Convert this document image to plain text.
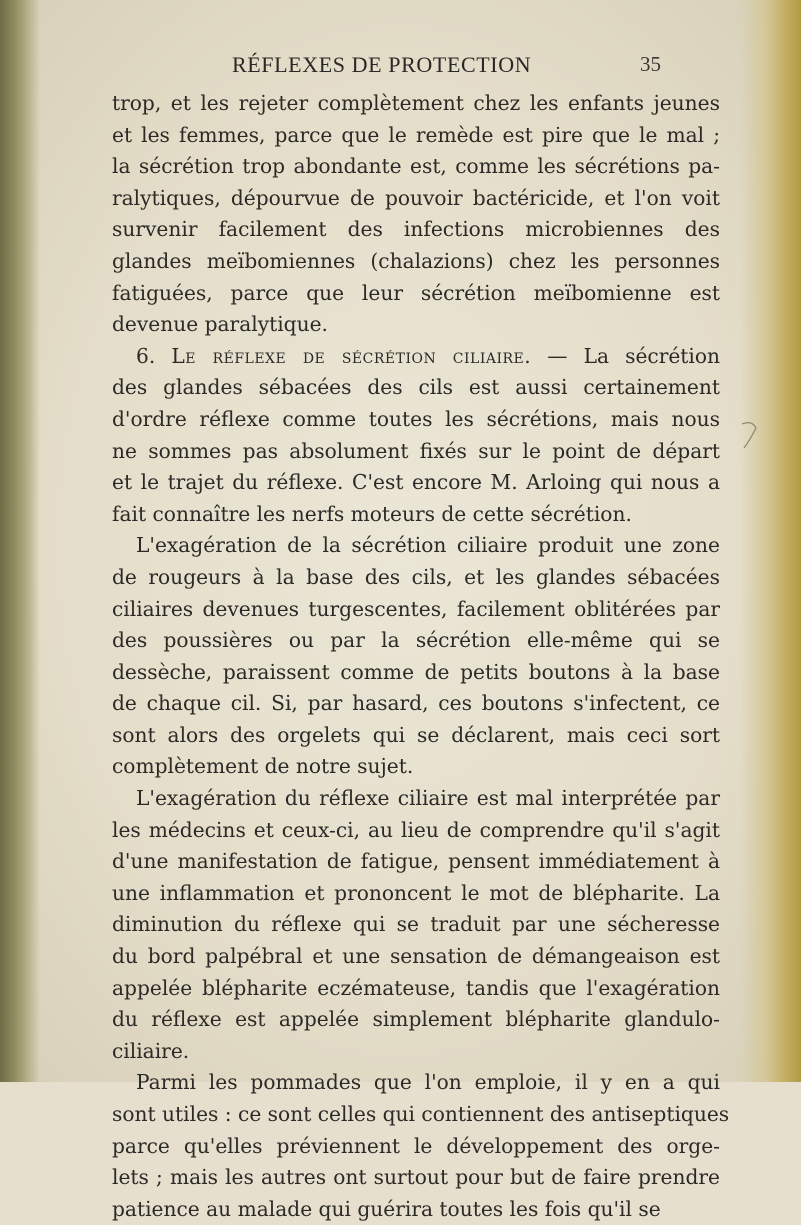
RÉFLEXES DE PROTECTION	35
trop, et les rejeter complètement chez les enfants jeunes
et les femmes, parce que le remède est pire que le mal ;
la sécrétion trop abondante est, comme les sécrétions pa-
ralytiques, dépourvue de pouvoir bactéricide, et l'on voit
survenir facilement des infections microbiennes des
glandes meïbomiennes (chalazions) chez les personnes
fatiguées, parce que leur sécrétion meïbomienne est
devenue paralytique.
6. Le réflexe de sécrétion ciliaire. — La sécrétion
des glandes sébacées des cils est aussi certainement
d'ordre réflexe comme toutes les sécrétions, mais nous
ne sommes pas absolument fixés sur le point de départ
et le trajet du réflexe. C'est encore M. Arloing qui nous a
fait connaître les nerfs moteurs de cette sécrétion.
L'exagération de la sécrétion ciliaire produit une zone
de rougeurs à la base des cils, et les glandes sébacées
ciliaires devenues turgescentes, facilement oblitérées par
des poussières ou par la sécrétion elle-même qui se
dessèche, paraissent comme de petits boutons à la base
de chaque cil. Si, par hasard, ces boutons s'infectent, ce
sont alors des orgelets qui se déclarent, mais ceci sort
complètement de notre sujet.
L'exagération du réflexe ciliaire est mal interprétée par
les médecins et ceux-ci, au lieu de comprendre qu'il s'agit
d'une manifestation de fatigue, pensent immédiatement à
une inflammation et prononcent le mot de blépharite. La
diminution du réflexe qui se traduit par une sécheresse
du bord palpébral et une sensation de démangeaison est
appelée blépharite eczémateuse, tandis que l'exagération
du réflexe est appelée simplement blépharite glandulo-
ciliaire.
Parmi les pommades que l'on emploie, il y en a qui
sont utiles : ce sont celles qui contiennent des antiseptiques
parce qu'elles préviennent le développement des orge-
lets ; mais les autres ont surtout pour but de faire prendre
patience au malade qui guérira toutes les fois qu'il se
